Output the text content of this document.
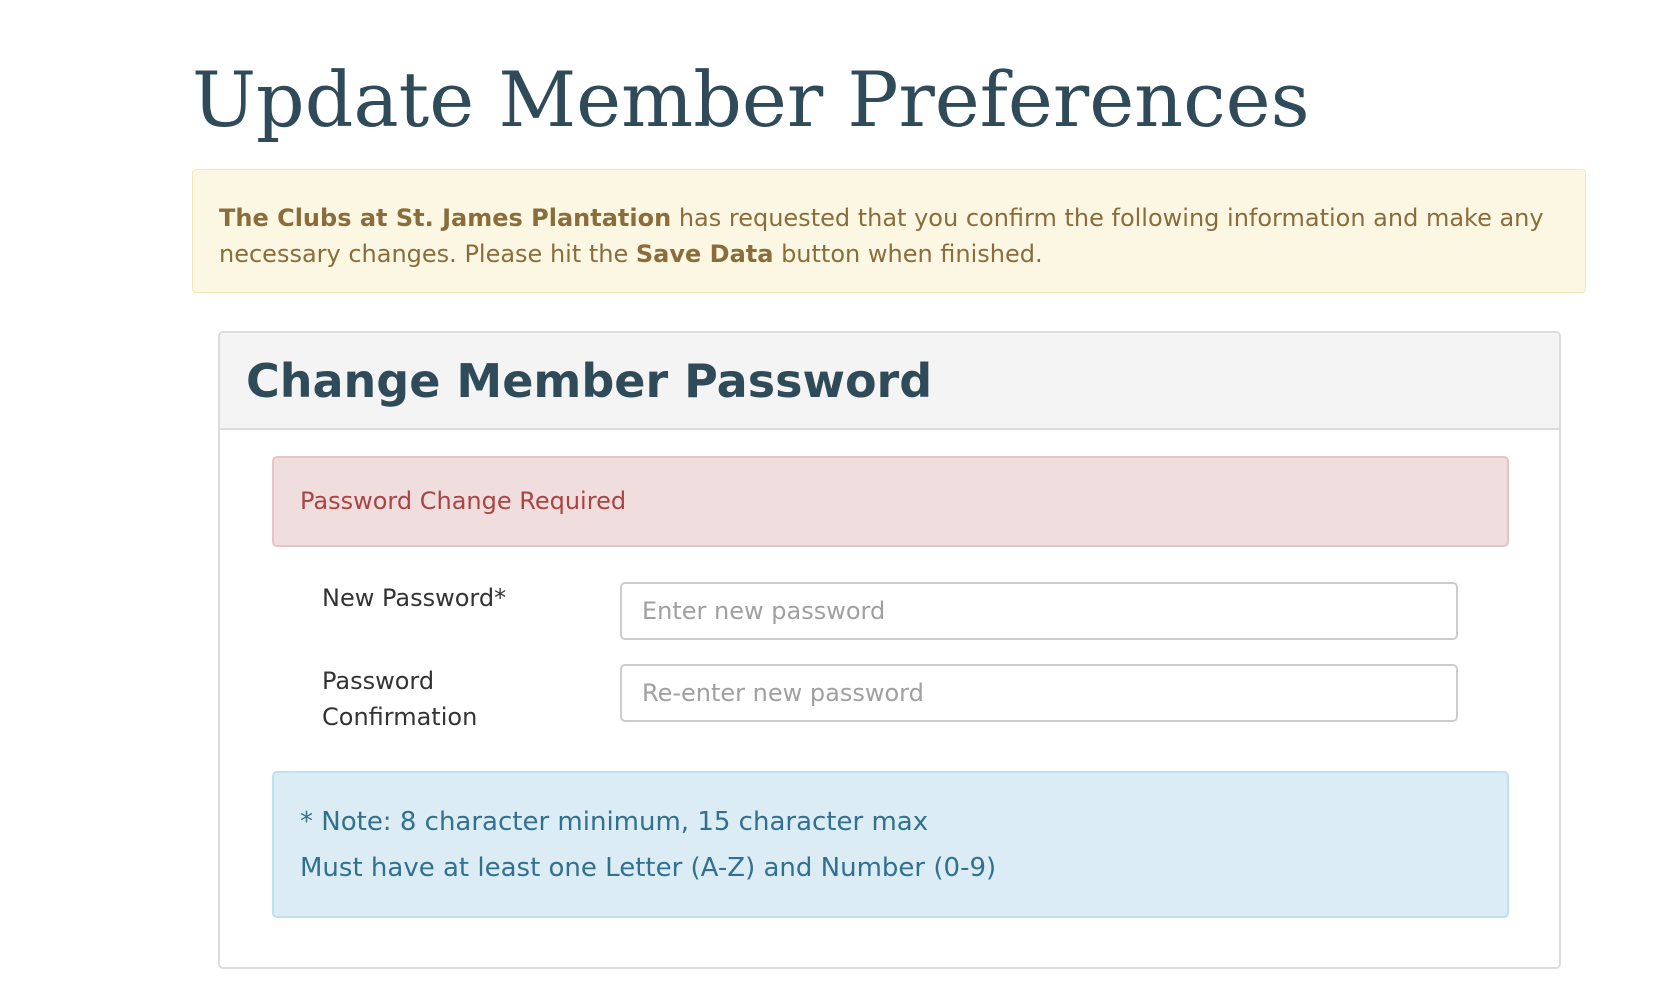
Update Member Preferences
The Clubs at St. James Plantation has requested that you confirm the following information and make any necessary changes. Please hit the Save Data button when finished.
Change Member Password
Password Change Required
New Password*
Password Confirmation
* Note: 8 character minimum, 15 character max
Must have at least one Letter (A-Z) and Number (0-9)
